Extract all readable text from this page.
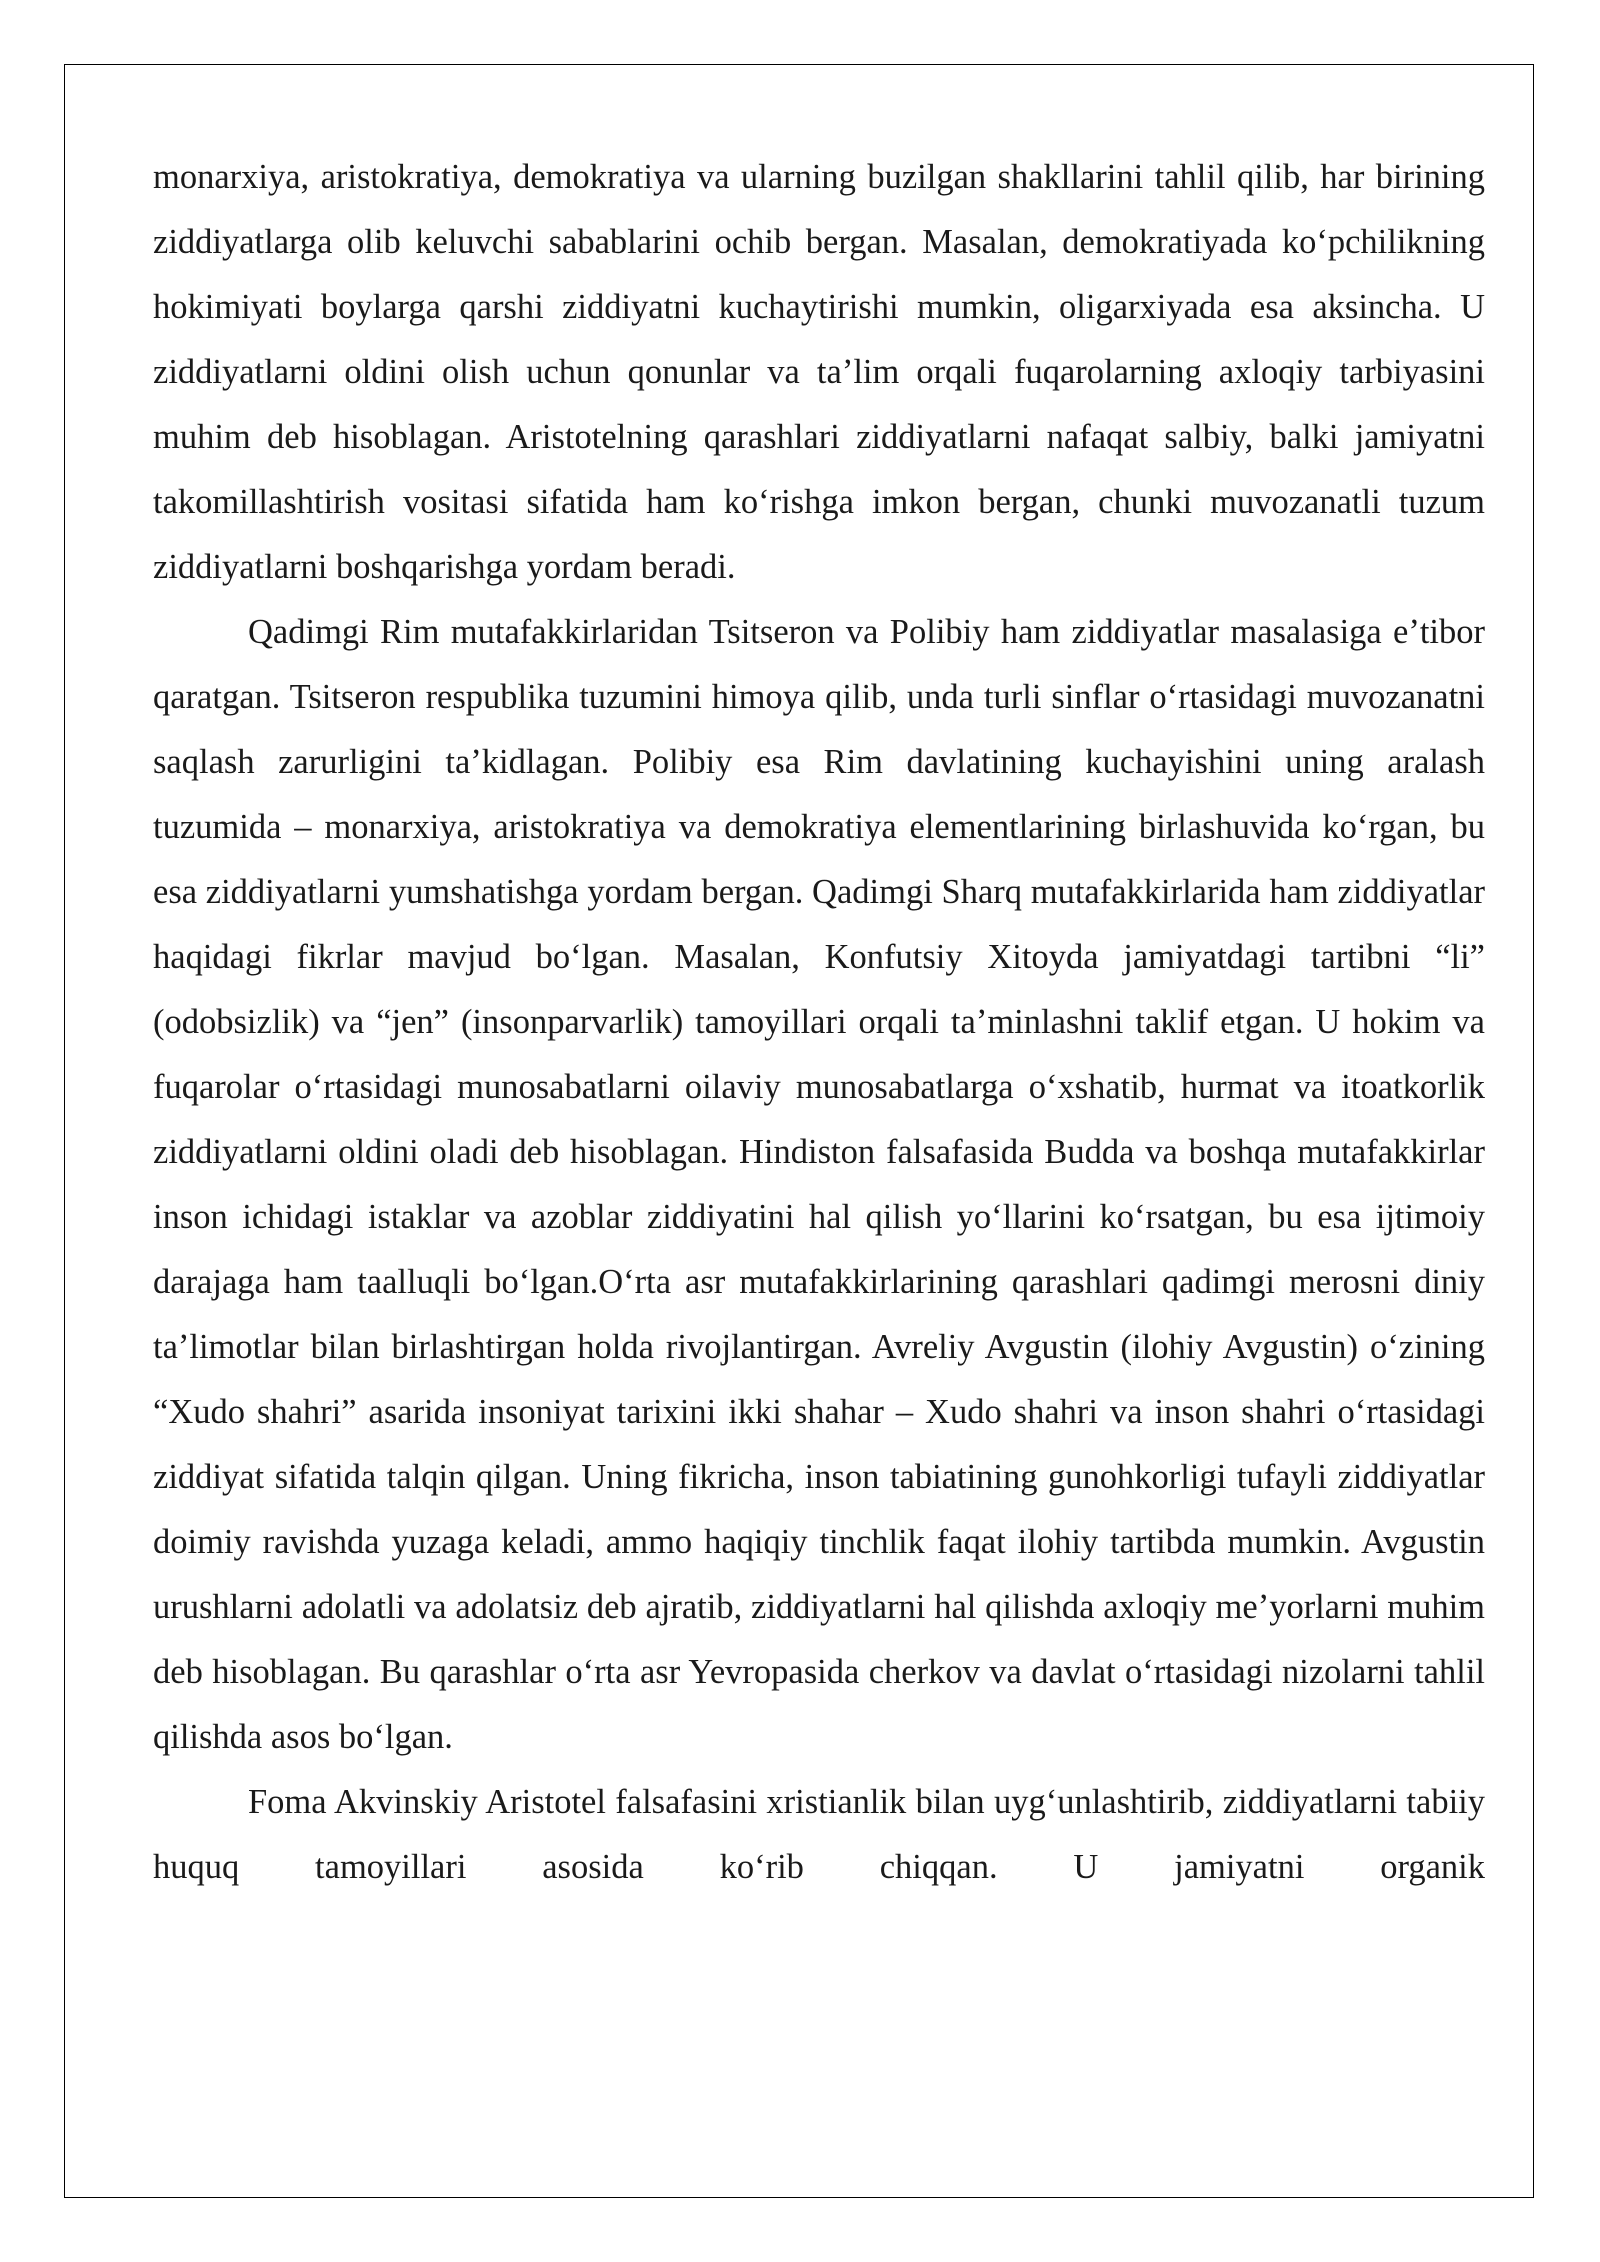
monarxiya, aristokratiya, demokratiya va ularning buzilgan shakllarini tahlil qilib, har birining ziddiyatlarga olib keluvchi sabablarini ochib bergan. Masalan, demokratiyada koʻpchilikning hokimiyati boylarga qarshi ziddiyatni kuchaytirishi mumkin, oligarxiyada esa aksincha. U ziddiyatlarni oldini olish uchun qonunlar va taʼlim orqali fuqarolarning axloqiy tarbiyasini muhim deb hisoblagan. Aristotelning qarashlari ziddiyatlarni nafaqat salbiy, balki jamiyatni takomillashtirish vositasi sifatida ham koʻrishga imkon bergan, chunki muvozanatli tuzum ziddiyatlarni boshqarishga yordam beradi.

Qadimgi Rim mutafakkirlaridan Tsitseron va Polibiy ham ziddiyatlar masalasiga eʼtibor qaratgan. Tsitseron respublika tuzumini himoya qilib, unda turli sinflar oʻrtasidagi muvozanatni saqlash zarurligini taʼkidlagan. Polibiy esa Rim davlatining kuchayishini uning aralash tuzumida – monarxiya, aristokratiya va demokratiya elementlarining birlashuvida koʻrgan, bu esa ziddiyatlarni yumshatishga yordam bergan. Qadimgi Sharq mutafakkirlarida ham ziddiyatlar haqidagi fikrlar mavjud boʻlgan. Masalan, Konfutsiy Xitoyda jamiyatdagi tartibni “li” (odobsizlik) va “jen” (insonparvarlik) tamoyillari orqali taʼminlashni taklif etgan. U hokim va fuqarolar oʻrtasidagi munosabatlarni oilaviy munosabatlarga oʻxshatib, hurmat va itoatkorlik ziddiyatlarni oldini oladi deb hisoblagan. Hindiston falsafasida Budda va boshqa mutafakkirlar inson ichidagi istaklar va azoblar ziddiyatini hal qilish yoʻllarini koʻrsatgan, bu esa ijtimoiy darajaga ham taalluqli boʻlgan.Oʻrta asr mutafakkirlarining qarashlari qadimgi merosni diniy taʼlimotlar bilan birlashtirgan holda rivojlantirgan. Avreliy Avgustin (ilohiy Avgustin) oʻzining “Xudo shahri” asarida insoniyat tarixini ikki shahar – Xudo shahri va inson shahri oʻrtasidagi ziddiyat sifatida talqin qilgan. Uning fikricha, inson tabiatining gunohkorligi tufayli ziddiyatlar doimiy ravishda yuzaga keladi, ammo haqiqiy tinchlik faqat ilohiy tartibda mumkin. Avgustin urushlarni adolatli va adolatsiz deb ajratib, ziddiyatlarni hal qilishda axloqiy meʼyorlarni muhim deb hisoblagan. Bu qarashlar oʻrta asr Yevropasida cherkov va davlat oʻrtasidagi nizolarni tahlil qilishda asos boʻlgan.

Foma Akvinskiy Aristotel falsafasini xristianlik bilan uygʻunlashtirib, ziddiyatlarni tabiiy huquq tamoyillari asosida koʻrib chiqqan. U jamiyatni organik
